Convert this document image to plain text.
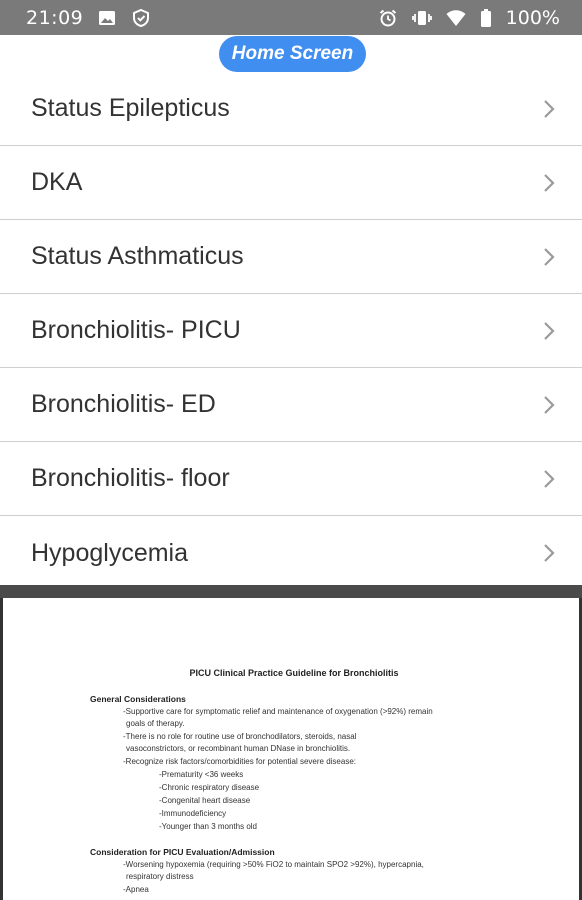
21:09	100%
Home Screen
Status Epilepticus
DKA
Status Asthmaticus
Bronchiolitis- PICU
Bronchiolitis- ED
Bronchiolitis- floor
Hypoglycemia
PICU Clinical Practice Guideline for Bronchiolitis
General Considerations
-Supportive care for symptomatic relief and maintenance of oxygenation (>92%) remain
goals of therapy.
-There is no role for routine use of bronchodilators, steroids, nasal
vasoconstrictors, or recombinant human DNase in bronchiolitis.
-Recognize risk factors/comorbidities for potential severe disease:
-Prematurity <36 weeks
-Chronic respiratory disease
-Congenital heart disease
-Immunodeficiency
-Younger than 3 months old
Consideration for PICU Evaluation/Admission
-Worsening hypoxemia (requiring >50% FiO2 to maintain SPO2 >92%), hypercapnia,
respiratory distress
-Apnea
